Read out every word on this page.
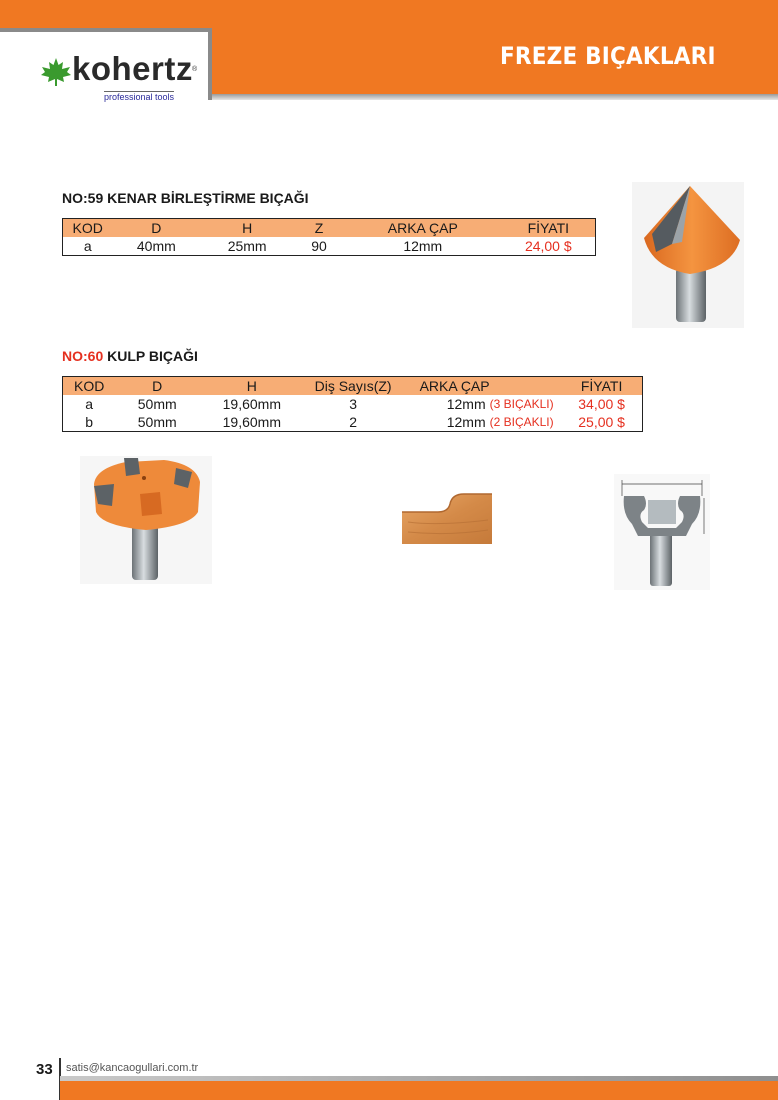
FREZE BIÇAKLARI
kohertz ®
professional tools
NO:59 KENAR BİRLEŞTİRME BIÇAĞI
KOD	D	H	Z	ARKA ÇAP	FİYATI
a	40mm	25mm	90	12mm	24,00 $
NO:60 KULP BIÇAĞI
KOD	D	H	Diş Sayıs(Z)	ARKA ÇAP		FİYATI
a	50mm	19,60mm	3	12mm	(3 BIÇAKLI)	34,00 $
b	50mm	19,60mm	2	12mm	(2 BIÇAKLI)	25,00 $
33 satis@kancaogullari.com.tr
